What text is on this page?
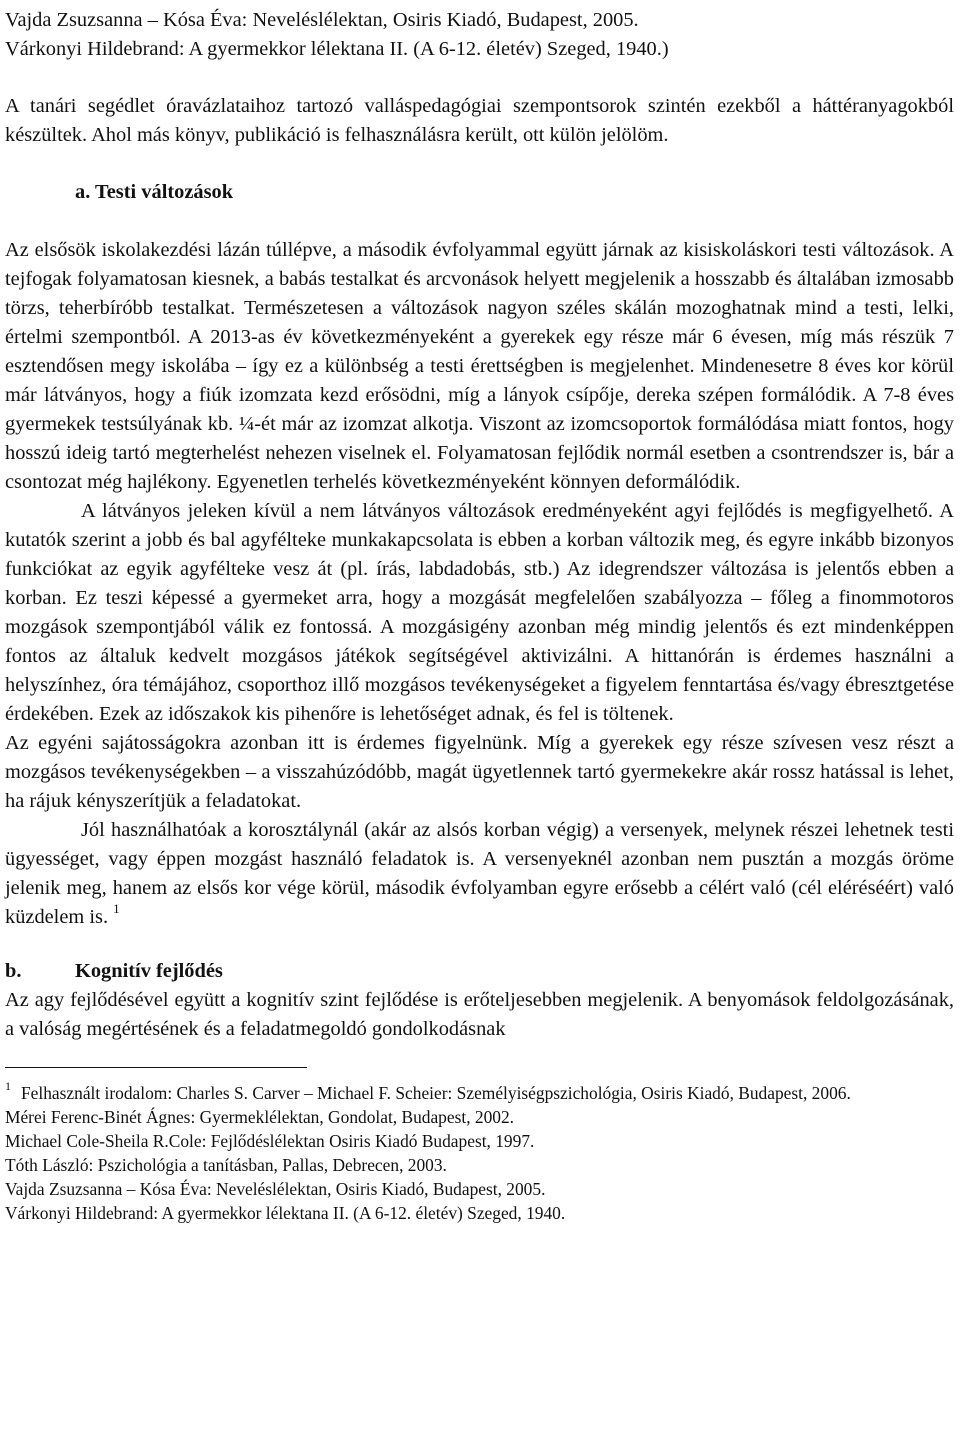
Vajda Zsuzsanna – Kósa Éva: Neveléslélektan, Osiris Kiadó, Budapest, 2005.

Várkonyi Hildebrand: A gyermekkor lélektana II. (A 6-12. életév) Szeged, 1940.)

A tanári segédlet óravázlataihoz tartozó valláspedagógiai szempontsorok szintén ezekből a háttéranyagokból készültek. Ahol más könyv, publikáció is felhasználásra került, ott külön jelölöm.

a. Testi változások

Az elsősök iskolakezdési lázán túllépve, a második évfolyammal együtt járnak az kisiskoláskori testi változások. A tejfogak folyamatosan kiesnek, a babás testalkat és arcvonások helyett megjelenik a hosszabb és általában izmosabb törzs, teherbíróbb testalkat. Természetesen a változások nagyon széles skálán mozoghatnak mind a testi, lelki, értelmi szempontból. A 2013-as év következményeként a gyerekek egy része már 6 évesen, míg más részük 7 esztendősen megy iskolába – így ez a különbség a testi érettségben is megjelenhet. Mindenesetre 8 éves kor körül már látványos, hogy a fiúk izomzata kezd erősödni, míg a lányok csípője, dereka szépen formálódik. A 7-8 éves gyermekek testsúlyának kb. ¼-ét már az izomzat alkotja. Viszont az izomcsoportok formálódása miatt fontos, hogy hosszú ideig tartó megterhelést nehezen viselnek el. Folyamatosan fejlődik normál esetben a csontrendszer is, bár a csontozat még hajlékony. Egyenetlen terhelés következményeként könnyen deformálódik.

A látványos jeleken kívül a nem látványos változások eredményeként agyi fejlődés is megfigyelhető. A kutatók szerint a jobb és bal agyféltekе munkakapcsolata is ebben a korban változik meg, és egyre inkább bizonyos funkciókat az egyik agyféltekе vesz át (pl. írás, labdadobás, stb.) Az idegrendszer változása is jelentős ebben a korban. Ez teszi képessé a gyermeket arra, hogy a mozgását megfelelően szabályozza – főleg a finommotoros mozgások szempontjából válik ez fontossá. A mozgásigény azonban még mindig jelentős és ezt mindenképpen fontos az általuk kedvelt mozgásos játékok segítségével aktivizálni. A hittanórán is érdemes használni a helyszínhez, óra témájához, csoporthoz illő mozgásos tevékenységeket a figyelem fenntartása és/vagy ébresztgetése érdekében. Ezek az időszakok kis pihenőre is lehetőséget adnak, és fel is töltenek.

Az egyéni sajátosságokra azonban itt is érdemes figyelnünk. Míg a gyerekek egy része szívesen vesz részt a mozgásos tevékenységekben – a visszahúzódóbb, magát ügyetlennek tartó gyermekekre akár rossz hatással is lehet, ha rájuk kényszerítjük a feladatokat.

Jól használhatóak a korosztálynál (akár az alsós korban végig) a versenyek, melynek részei lehetnek testi ügyességet, vagy éppen mozgást használó feladatok is. A versenyeknél azonban nem pusztán a mozgás öröme jelenik meg, hanem az elsős kor vége körül, második évfolyamban egyre erősebb a célért való (cél eléréséért) való küzdelem is. $^1$

b.	Kognitív fejlődés

Az agy fejlődésével együtt a kognitív szint fejlődése is erőteljesebben megjelenik. A benyomások feldolgozásának, a valóság megértésének és a feladatmegoldó gondolkodásnak

$^1$ Felhasznált irodalom: Charles S. Carver – Michael F. Scheier: Személyiségpszichológia, Osiris Kiadó, Budapest, 2006.

Mérei Ferenc-Binét Ágnes: Gyermeklélektan, Gondolat, Budapest, 2002.

Michael Cole-Sheila R.Cole: Fejlődéslélektan Osiris Kiadó Budapest, 1997.

Tóth László: Pszichológia a tanításban, Pallas, Debrecen, 2003.

Vajda Zsuzsanna – Kósa Éva: Neveléslélektan, Osiris Kiadó, Budapest, 2005.

Várkonyi Hildebrand: A gyermekkor lélektana II. (A 6-12. életév) Szeged, 1940.
